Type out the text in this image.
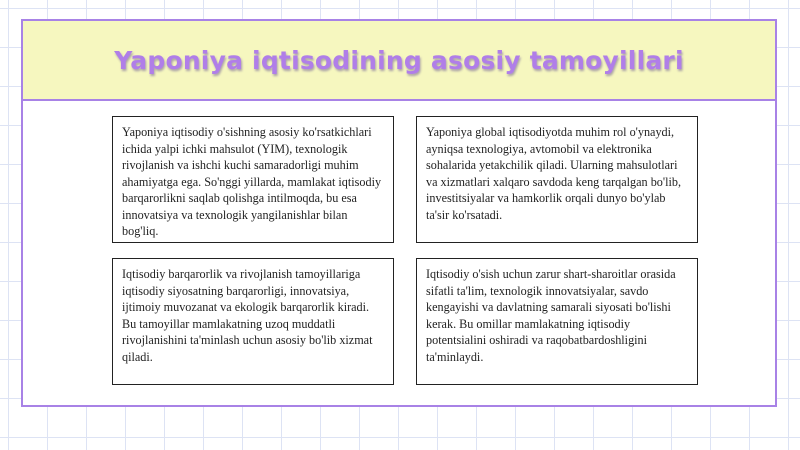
Yaponiya iqtisodining asosiy tamoyillari

Yaponiya iqtisodiy o'sishning asosiy ko'rsatkichlari ichida yalpi ichki mahsulot (YIM), texnologik rivojlanish va ishchi kuchi samaradorligi muhim ahamiyatga ega. So'nggi yillarda, mamlakat iqtisodiy barqarorlikni saqlab qolishga intilmoqda, bu esa innovatsiya va texnologik yangilanishlar bilan bog'liq.

Yaponiya global iqtisodiyotda muhim rol o'ynaydi, ayniqsa texnologiya, avtomobil va elektronika sohalarida yetakchilik qiladi. Ularning mahsulotlari va xizmatlari xalqaro savdoda keng tarqalgan bo'lib, investitsiyalar va hamkorlik orqali dunyo bo'ylab ta'sir ko'rsatadi.

Iqtisodiy barqarorlik va rivojlanish tamoyillariga iqtisodiy siyosatning barqarorligi, innovatsiya, ijtimoiy muvozanat va ekologik barqarorlik kiradi. Bu tamoyillar mamlakatning uzoq muddatli rivojlanishini ta'minlash uchun asosiy bo'lib xizmat qiladi.

Iqtisodiy o'sish uchun zarur shart-sharoitlar orasida sifatli ta'lim, texnologik innovatsiyalar, savdo kengayishi va davlatning samarali siyosati bo'lishi kerak. Bu omillar mamlakatning iqtisodiy potentsialini oshiradi va raqobatbardoshligini ta'minlaydi.
